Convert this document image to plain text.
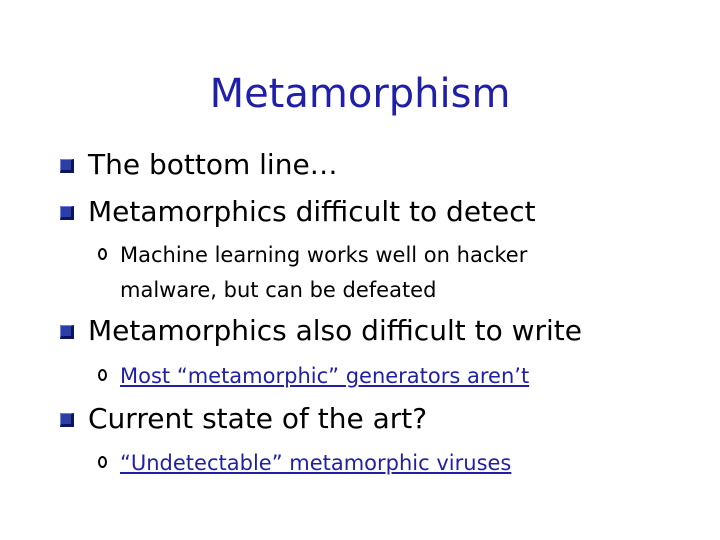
Metamorphism
The bottom line…
Metamorphics difficult to detect
Machine learning works well on hacker
malware, but can be defeated
Metamorphics also difficult to write
Most “metamorphic” generators aren’t
Current state of the art?
“Undetectable” metamorphic viruses
